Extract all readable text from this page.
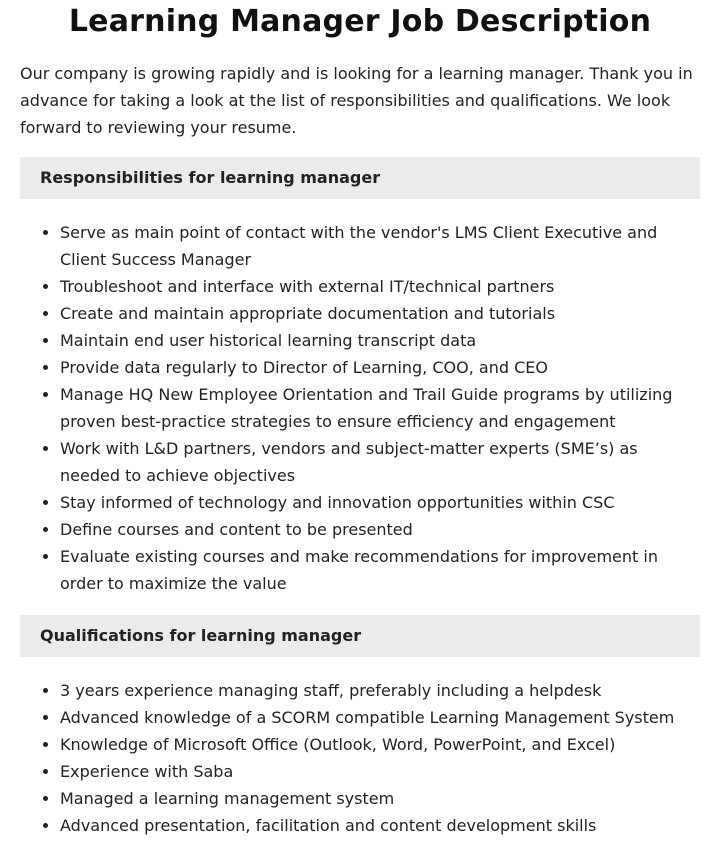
Learning Manager Job Description

Our company is growing rapidly and is looking for a learning manager. Thank you in advance for taking a look at the list of responsibilities and qualifications. We look forward to reviewing your resume.

Responsibilities for learning manager
Serve as main point of contact with the vendor's LMS Client Executive and Client Success Manager
Troubleshoot and interface with external IT/technical partners
Create and maintain appropriate documentation and tutorials
Maintain end user historical learning transcript data
Provide data regularly to Director of Learning, COO, and CEO
Manage HQ New Employee Orientation and Trail Guide programs by utilizing proven best-practice strategies to ensure efficiency and engagement
Work with L&D partners, vendors and subject-matter experts (SME’s) as needed to achieve objectives
Stay informed of technology and innovation opportunities within CSC
Define courses and content to be presented
Evaluate existing courses and make recommendations for improvement in order to maximize the value
Qualifications for learning manager
3 years experience managing staff, preferably including a helpdesk
Advanced knowledge of a SCORM compatible Learning Management System
Knowledge of Microsoft Office (Outlook, Word, PowerPoint, and Excel)
Experience with Saba
Managed a learning management system
Advanced presentation, facilitation and content development skills
